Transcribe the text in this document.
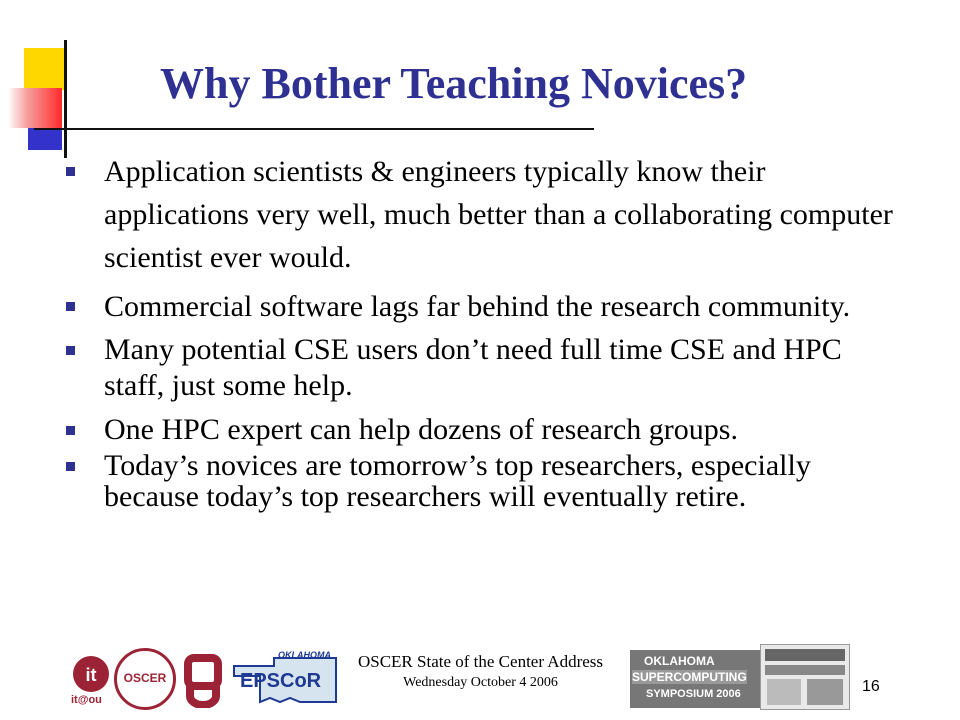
Why Bother Teaching Novices?
Application scientists & engineers typically know their applications very well, much better than a collaborating computer scientist ever would.
Commercial software lags far behind the research community.
Many potential CSE users don’t need full time CSE and HPC staff, just some help.
One HPC expert can help dozens of research groups.
Today’s novices are tomorrow’s top researchers, especially because today’s top researchers will eventually retire.
it
it@ou
OSCER
OKLAHOMA
EPSCoR
OKLAHOMA
SUPERCOMPUTING
SYMPOSIUM 2006
OSCER State of the Center Address
Wednesday October 4 2006	16
